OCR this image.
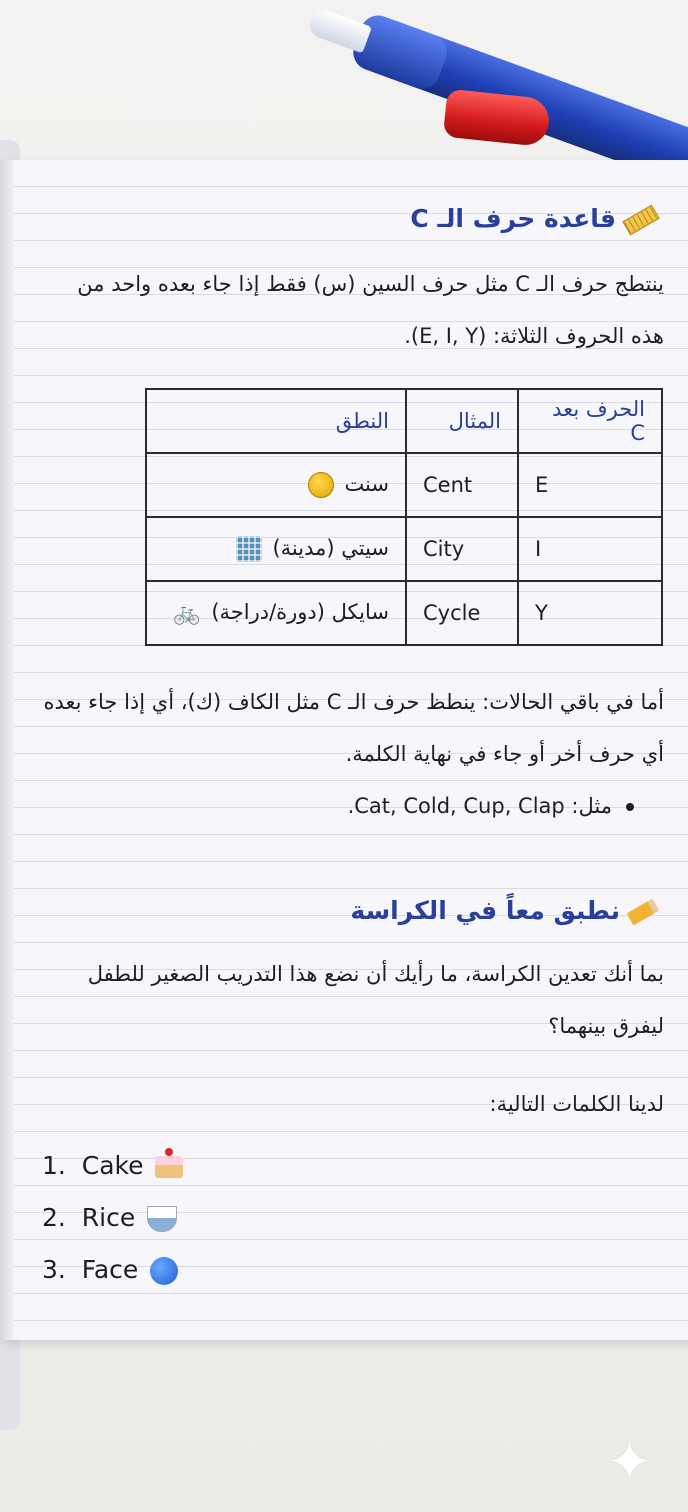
قاعدة حرف الـ C
ينتطج حرف الـ C مثل حرف السين (س) فقط إذا جاء بعده واحد من
هذه الحروف الثلاثة: (E, I, Y).
الحرف بعد C	المثال	النطق
E	Cent	سنت
I	City	سيتي (مدينة)
Y	Cycle	سايكل (دورة/دراجة) 🚲
أما في باقي الحالات: ينطظ حرف الـ C مثل الكاف (ك)، أي إذا جاء بعده
أي حرف أخر أو جاء في نهاية الكلمة.
مثل: Cat, Cold, Cup, Clap.
نطبق معاً في الكراسة
بما أنك تعدين الكراسة، ما رأيك أن نضع هذا التدريب الصغير للطفل
ليفرق بينهما؟
لدينا الكلمات التالية:
1. Cake
2. Rice
3. Face
✦
